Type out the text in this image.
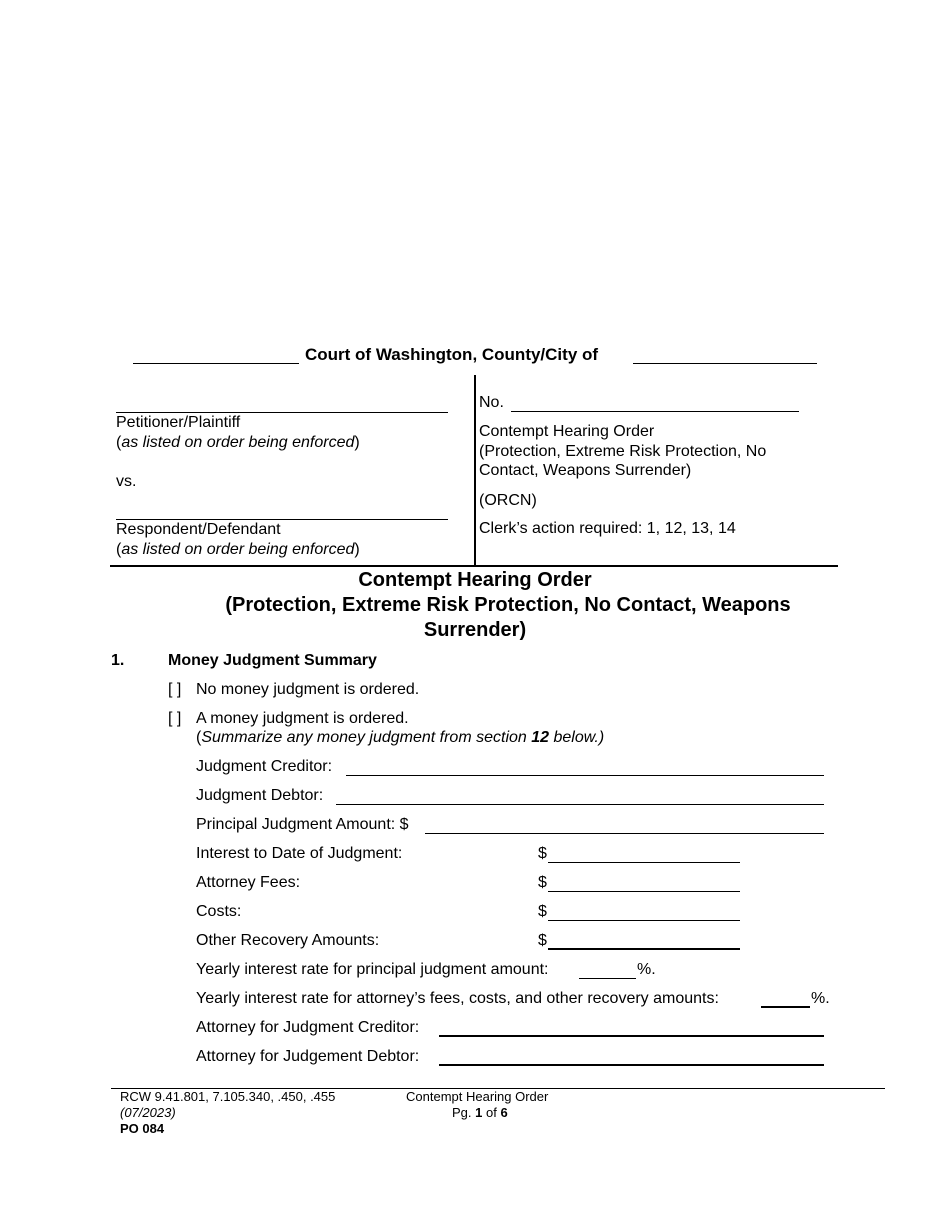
Court of Washington, County/City of
Petitioner/Plaintiff
(as listed on order being enforced)
vs.
Respondent/Defendant
(as listed on order being enforced)
No.
Contempt Hearing Order
(Protection, Extreme Risk Protection, No
Contact, Weapons Surrender)
(ORCN)
Clerk’s action required: 1, 12, 13, 14
Contempt Hearing Order
(Protection, Extreme Risk Protection, No Contact, Weapons
Surrender)
1.	Money Judgment Summary
[ ] No money judgment is ordered.
[ ] A money judgment is ordered.
(Summarize any money judgment from section 12 below.)
Judgment Creditor:
Judgment Debtor:
Principal Judgment Amount: $
Interest to Date of Judgment:	$
Attorney Fees:	$
Costs:	$
Other Recovery Amounts:	$
Yearly interest rate for principal judgment amount:	%.
Yearly interest rate for attorney’s fees, costs, and other recovery amounts:	%.
Attorney for Judgment Creditor:
Attorney for Judgement Debtor:
RCW 9.41.801, 7.105.340, .450, .455
(07/2023)
PO 084
Contempt Hearing Order
Pg. 1 of 6
